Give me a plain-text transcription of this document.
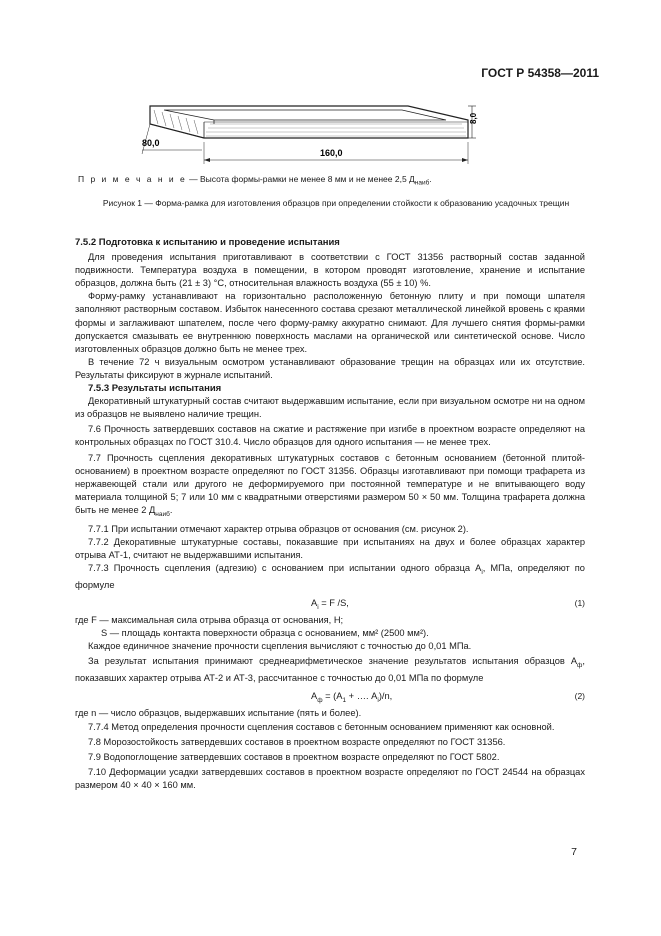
ГОСТ Р 54358—2011
80,0
160,0
8,0
П р и м е ч а н и е — Высота формы-рамки не менее 8 мм и не менее 2,5 $Д_{наиб}$.
Рисунок 1 — Форма-рамка для изготовления образцов при определении стойкости к образованию усадочных трещин
7.5.2 Подготовка к испытанию и проведение испытания

Для проведения испытания приготавливают в соответствии с ГОСТ 31356 растворный состав заданной подвижности. Температура воздуха в помещении, в котором проводят изготовление, хранение и испытание образцов, должна быть (21 ± 3) °С, относительная влажность воздуха (55 ± 10) %.

Форму-рамку устанавливают на горизонтально расположенную бетонную плиту и при помощи шпателя заполняют растворным составом. Избыток нанесенного состава срезают металлической линейкой вровень с краями формы и заглаживают шпателем, после чего форму-рамку аккуратно снимают. Для лучшего снятия формы-рамки допускается смазывать ее внутреннюю поверхность маслами на органической или синтетической основе. Число изготовленных образцов должно быть не менее трех.

В течение 72 ч визуальным осмотром устанавливают образование трещин на образцах или их отсутствие. Результаты фиксируют в журнале испытаний.

7.5.3 Результаты испытания

Декоративный штукатурный состав считают выдержавшим испытание, если при визуальном осмотре ни на одном из образцов не выявлено наличие трещин.

7.6 Прочность затвердевших составов на сжатие и растяжение при изгибе в проектном возрасте определяют на контрольных образцах по ГОСТ 310.4. Число образцов для одного испытания — не менее трех.

7.7 Прочность сцепления декоративных штукатурных составов с бетонным основанием (бетонной плитой-основанием) в проектном возрасте определяют по ГОСТ 31356. Образцы изготавливают при помощи трафарета из нержавеющей стали или другого не деформируемого при постоянной температуре и не впитывающего воду материала толщиной 5; 7 или 10 мм с квадратными отверстиями размером 50 × 50 мм. Толщина трафарета должна быть не менее 2 $Д_{наиб}$.

7.7.1 При испытании отмечают характер отрыва образцов от основания (см. рисунок 2).

7.7.2 Декоративные штукатурные составы, показавшие при испытаниях на двух и более образцах характер отрыва АТ-1, считают не выдержавшими испытания.

7.7.3 Прочность сцепления (адгезию) с основанием при испытании одного образца $А_i$, МПа, определяют по формуле

$А_i = F$ /S,	(1)
где F — максимальная сила отрыва образца от основания, Н;
S — площадь контакта поверхности образца с основанием, мм² (2500 мм²).

Каждое единичное значение прочности сцепления вычисляют с точностью до 0,01 МПа.

За результат испытания принимают среднеарифметическое значение результатов испытания образцов $А_ф$, показавших характер отрыва АТ-2 и АТ-3, рассчитанное с точностью до 0,01 МПа по формуле

$А_ф = (А_1$ + …. $А_i)/n$,	(2)
где n — число образцов, выдержавших испытание (пять и более).

7.7.4 Метод определения прочности сцепления составов с бетонным основанием применяют как основной.

7.8 Морозостойкость затвердевших составов в проектном возрасте определяют по ГОСТ 31356.

7.9 Водопоглощение затвердевших составов в проектном возрасте определяют по ГОСТ 5802.

7.10 Деформации усадки затвердевших составов в проектном возрасте определяют по ГОСТ 24544 на образцах размером 40 × 40 × 160 мм.

7
